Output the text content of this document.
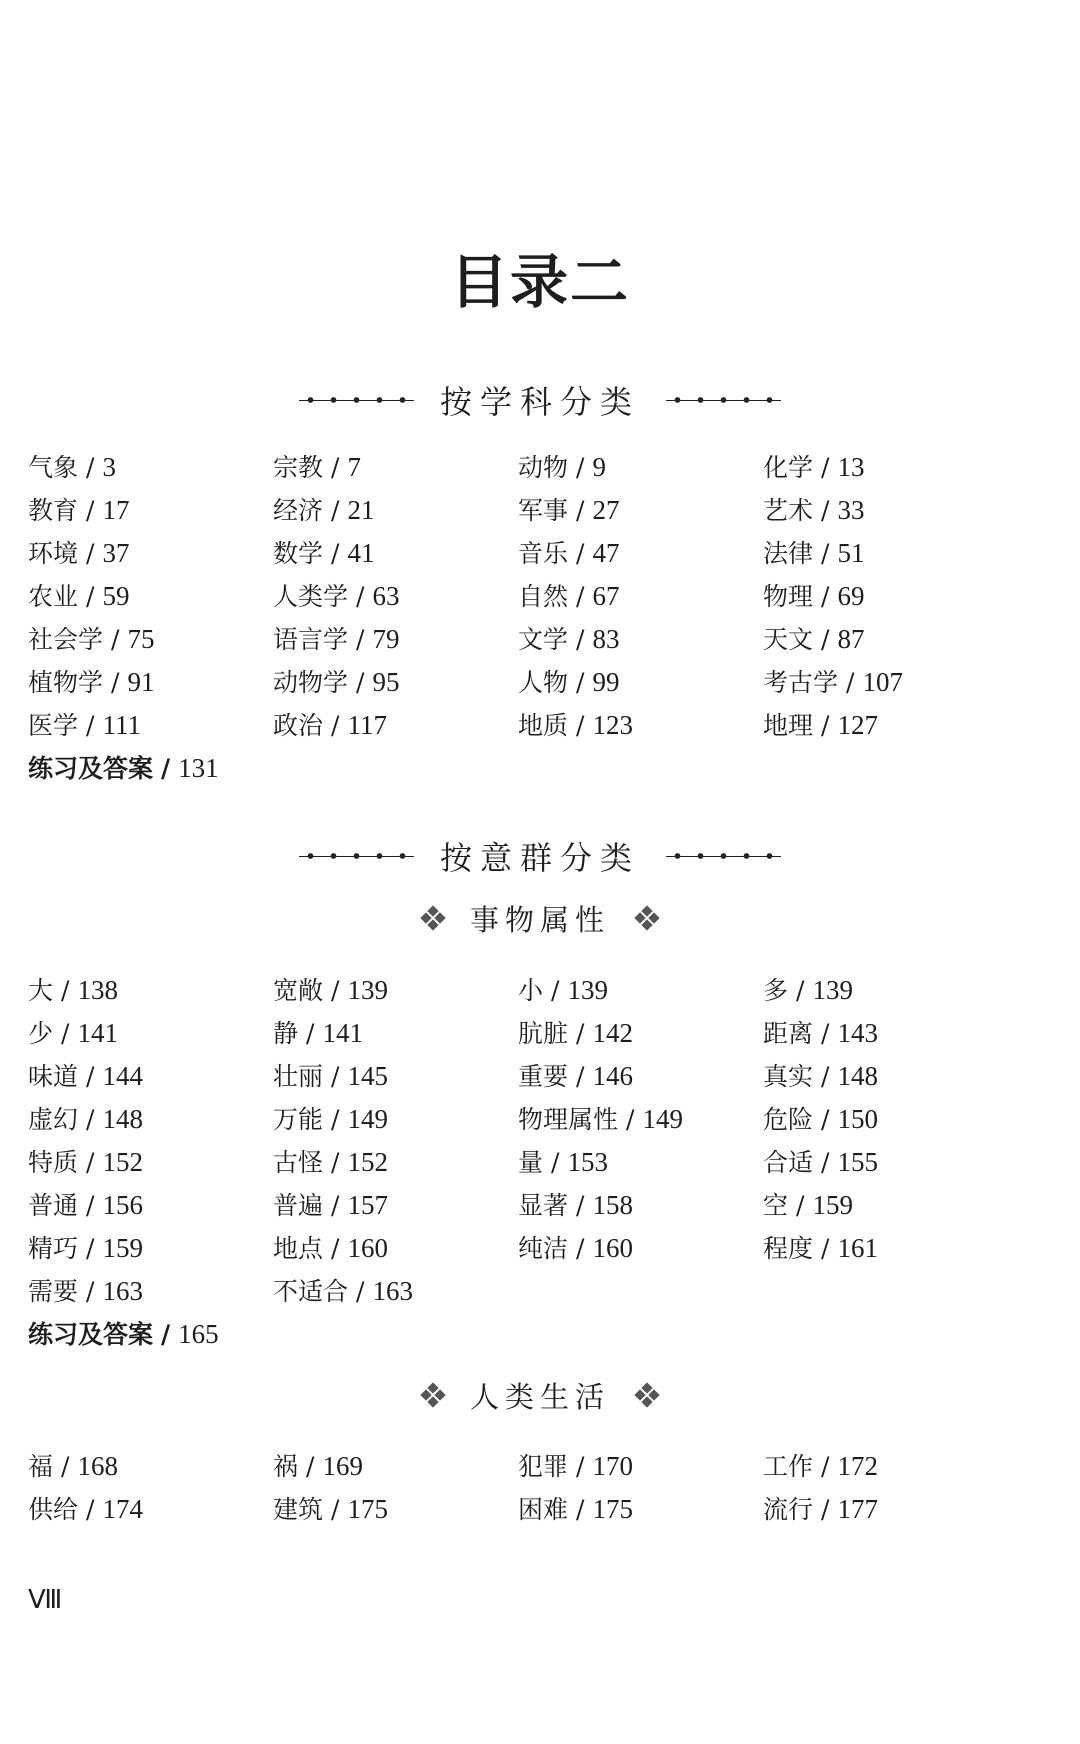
目录二
按学科分类
气象 / 3	宗教 / 7	动物 / 9	化学 / 13
教育 / 17	经济 / 21	军事 / 27	艺术 / 33
环境 / 37	数学 / 41	音乐 / 47	法律 / 51
农业 / 59	人类学 / 63	自然 / 67	物理 / 69
社会学 / 75	语言学 / 79	文学 / 83	天文 / 87
植物学 / 91	动物学 / 95	人物 / 99	考古学 / 107
医学 / 111	政治 / 117	地质 / 123	地理 / 127
练习及答案 / 131
按意群分类
事物属性
大 / 138	宽敞 / 139	小 / 139	多 / 139
少 / 141	静 / 141	肮脏 / 142	距离 / 143
味道 / 144	壮丽 / 145	重要 / 146	真实 / 148
虚幻 / 148	万能 / 149	物理属性 / 149	危险 / 150
特质 / 152	古怪 / 152	量 / 153	合适 / 155
普通 / 156	普遍 / 157	显著 / 158	空 / 159
精巧 / 159	地点 / 160	纯洁 / 160	程度 / 161
需要 / 163	不适合 / 163
练习及答案 / 165
人类生活
福 / 168	祸 / 169	犯罪 / 170	工作 / 172
供给 / 174	建筑 / 175	困难 / 175	流行 / 177
Ⅷ
